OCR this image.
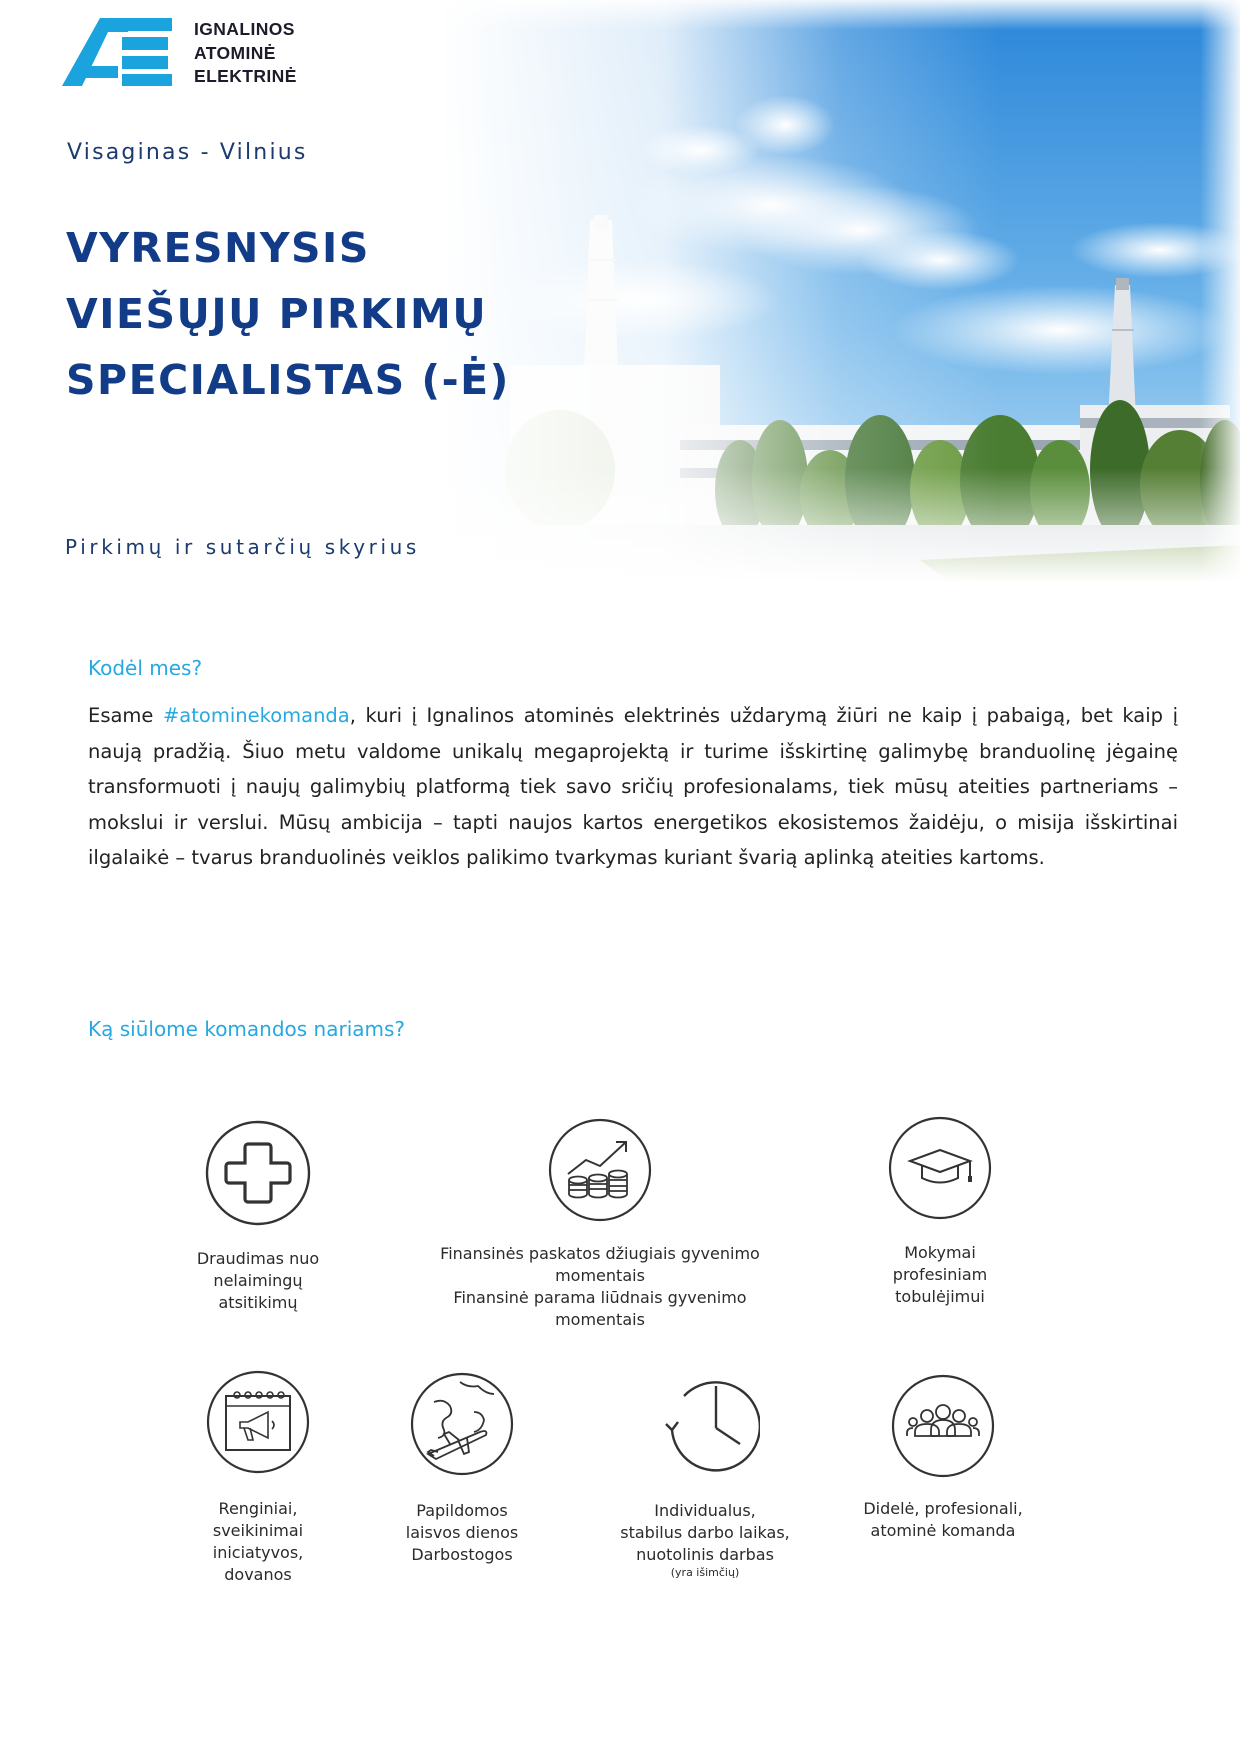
IGNALINOS
ATOMINĖ
ELEKTRINĖ
Visaginas - Vilnius
VYRESNYSIS
VIEŠŲJŲ PIRKIMŲ
SPECIALISTAS (-Ė)
Pirkimų ir sutarčių skyrius
Kodėl mes?
Esame #atominekomanda, kuri į Ignalinos atominės elektrinės uždarymą žiūri ne kaip į pabaigą, bet kaip į naują pradžią. Šiuo metu valdome unikalų megaprojektą ir turime išskirtinę galimybę branduolinę jėgainę transformuoti į naujų galimybių platformą tiek savo sričių profesionalams, tiek mūsų ateities partneriams – mokslui ir verslui. Mūsų ambicija – tapti naujos kartos energetikos ekosistemos žaidėju, o misija išskirtinai ilgalaikė – tvarus branduolinės veiklos palikimo tvarkymas kuriant švarią aplinką ateities kartoms.
Ką siūlome komandos nariams?
Draudimas nuo
nelaimingų
atsitikimų
Finansinės paskatos džiugiais gyvenimo
momentais
Finansinė parama liūdnais gyvenimo
momentais
Mokymai
profesiniam
tobulėjimui
Renginiai,
sveikinimai
iniciatyvos,
dovanos
Papildomos
laisvos dienos
Darbostogos
Individualus,
stabilus darbo laikas,
nuotolinis darbas
(yra išimčių)
Didelė, profesionali,
atominė komanda
